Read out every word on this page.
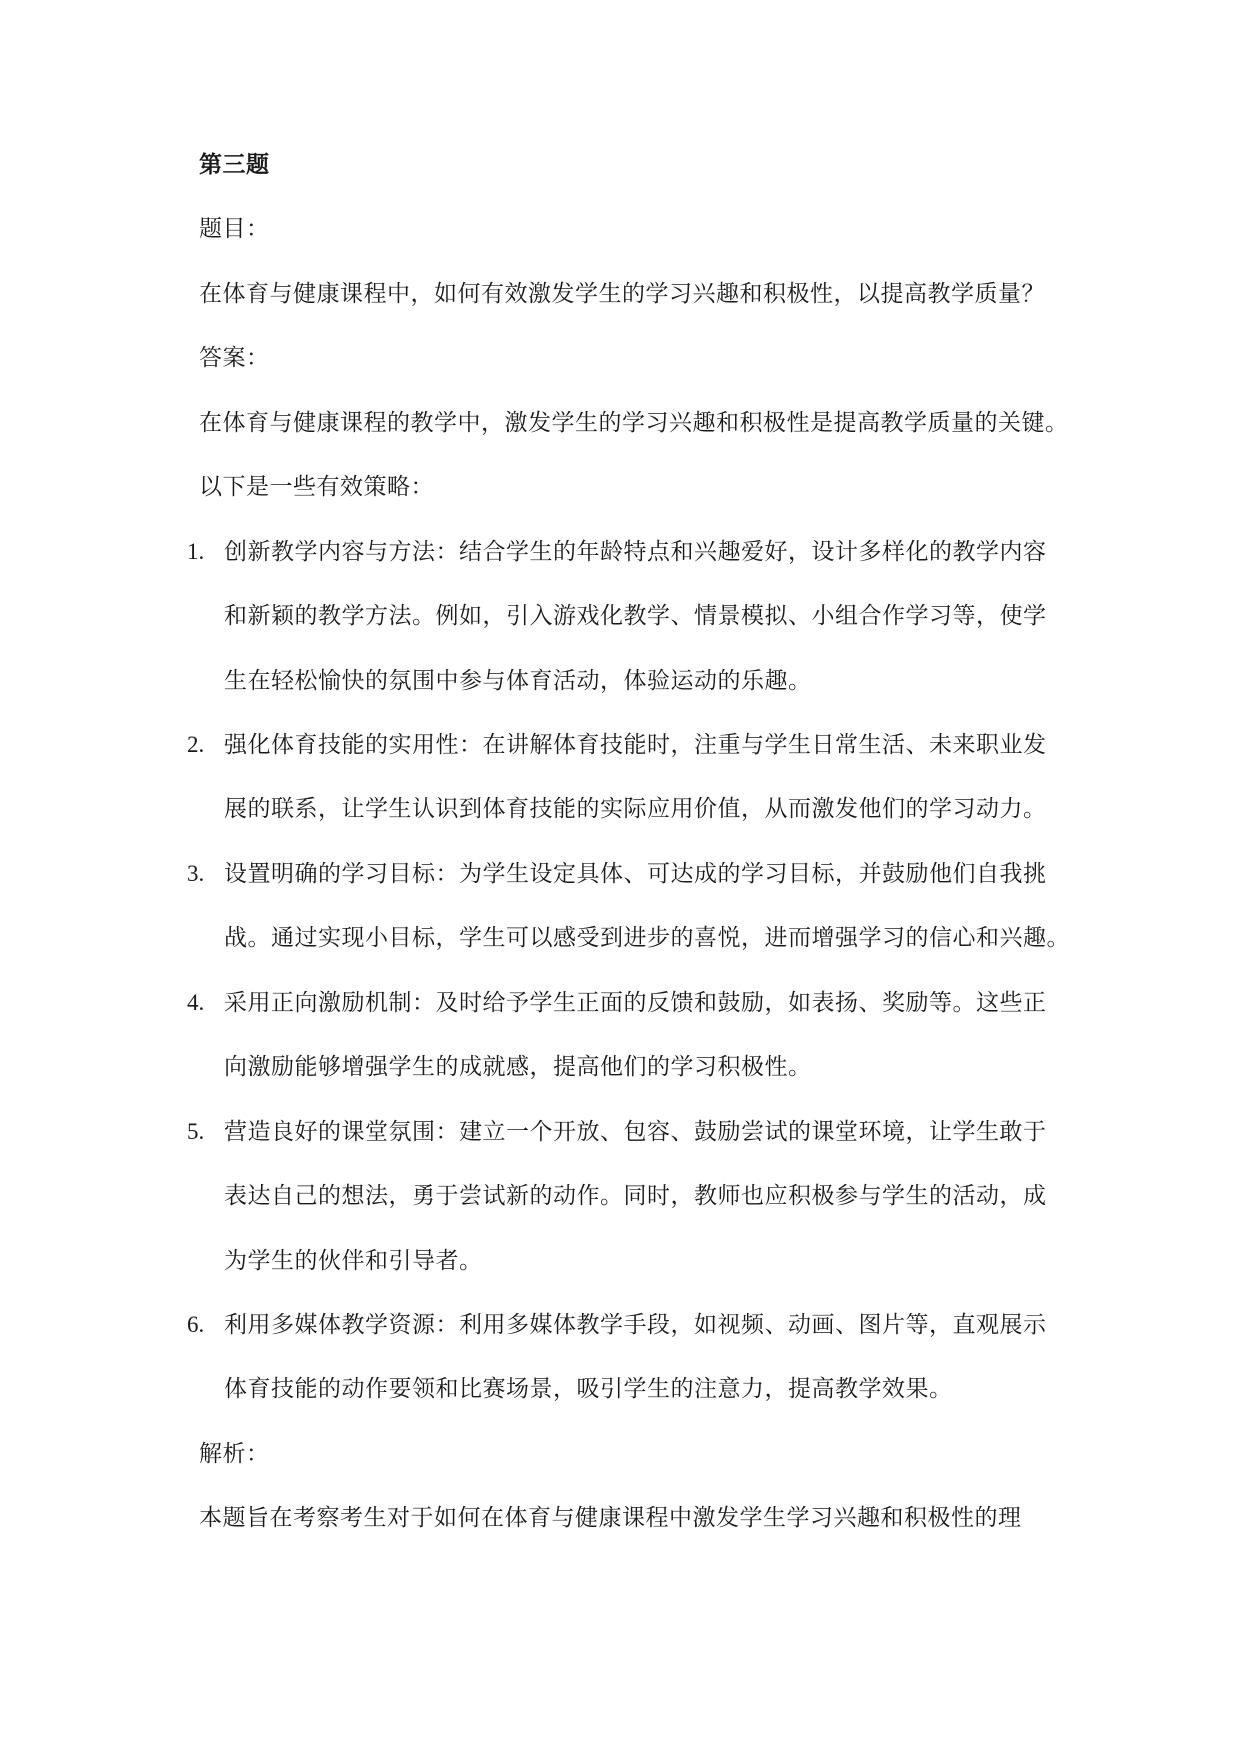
第三题
题目：
在体育与健康课程中，如何有效激发学生的学习兴趣和积极性，以提高教学质量？
答案：
在体育与健康课程的教学中，激发学生的学习兴趣和积极性是提高教学质量的关键。
以下是一些有效策略：
1. 创新教学内容与方法：结合学生的年龄特点和兴趣爱好，设计多样化的教学内容
和新颖的教学方法。例如，引入游戏化教学、情景模拟、小组合作学习等，使学
生在轻松愉快的氛围中参与体育活动，体验运动的乐趣。
2. 强化体育技能的实用性：在讲解体育技能时，注重与学生日常生活、未来职业发
展的联系，让学生认识到体育技能的实际应用价值，从而激发他们的学习动力。
3. 设置明确的学习目标：为学生设定具体、可达成的学习目标，并鼓励他们自我挑
战。通过实现小目标，学生可以感受到进步的喜悦，进而增强学习的信心和兴趣。
4. 采用正向激励机制：及时给予学生正面的反馈和鼓励，如表扬、奖励等。这些正
向激励能够增强学生的成就感，提高他们的学习积极性。
5. 营造良好的课堂氛围：建立一个开放、包容、鼓励尝试的课堂环境，让学生敢于
表达自己的想法，勇于尝试新的动作。同时，教师也应积极参与学生的活动，成
为学生的伙伴和引导者。
6. 利用多媒体教学资源：利用多媒体教学手段，如视频、动画、图片等，直观展示
体育技能的动作要领和比赛场景，吸引学生的注意力，提高教学效果。
解析：
本题旨在考察考生对于如何在体育与健康课程中激发学生学习兴趣和积极性的理
